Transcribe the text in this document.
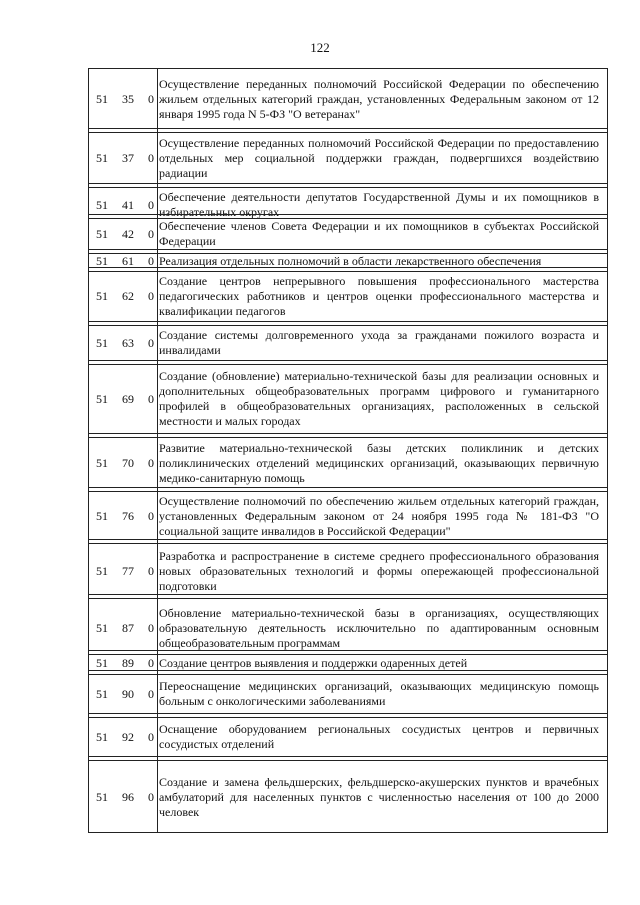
122
51 35 0
Осуществление переданных полномочий Российской Федерации по обеспечению жильем отдельных категорий граждан, установленных Федеральным законом от 12 января 1995 года N 5-ФЗ "О ветеранах"
51 37 0
Осуществление переданных полномочий Российской Федерации по предоставлению отдельных мер социальной поддержки граждан, подвергшихся воздействию радиации
51 41 0
Обеспечение деятельности депутатов Государственной Думы и их помощников в избирательных округах
51 42 0
Обеспечение членов Совета Федерации и их помощников в субъектах Российской Федерации
51 61 0 Реализация отдельных полномочий в области лекарственного обеспечения
51 62 0
Создание центров непрерывного повышения профессионального мастерства педагогических работников и центров оценки профессионального мастерства и квалификации педагогов
51 63 0
Создание системы долговременного ухода за гражданами пожилого возраста и инвалидами
51 69 0
Создание (обновление) материально-технической базы для реализации основных и дополнительных общеобразовательных программ цифрового и гуманитарного профилей в общеобразовательных организациях, расположенных в сельской местности и малых городах
51 70 0
Развитие материально-технической базы детских поликлиник и детских поликлинических отделений медицинских организаций, оказывающих первичную медико-санитарную помощь
51 76 0
Осуществление полномочий по обеспечению жильем отдельных категорий граждан, установленных Федеральным законом от 24 ноября 1995 года № 181-ФЗ "О социальной защите инвалидов в Российской Федерации"
51 77 0
Разработка и распространение в системе среднего профессионального образования новых образовательных технологий и формы опережающей профессиональной подготовки
51 87 0
Обновление материально-технической базы в организациях, осуществляющих образовательную деятельность исключительно по адаптированным основным общеобразовательным программам
51 89 0 Создание центров выявления и поддержки одаренных детей
51 90 0
Переоснащение медицинских организаций, оказывающих медицинскую помощь больным с онкологическими заболеваниями
51 92 0
Оснащение оборудованием региональных сосудистых центров и первичных сосудистых отделений
51 96 0
Создание и замена фельдшерских, фельдшерско-акушерских пунктов и врачебных амбулаторий для населенных пунктов с численностью населения от 100 до 2000 человек
